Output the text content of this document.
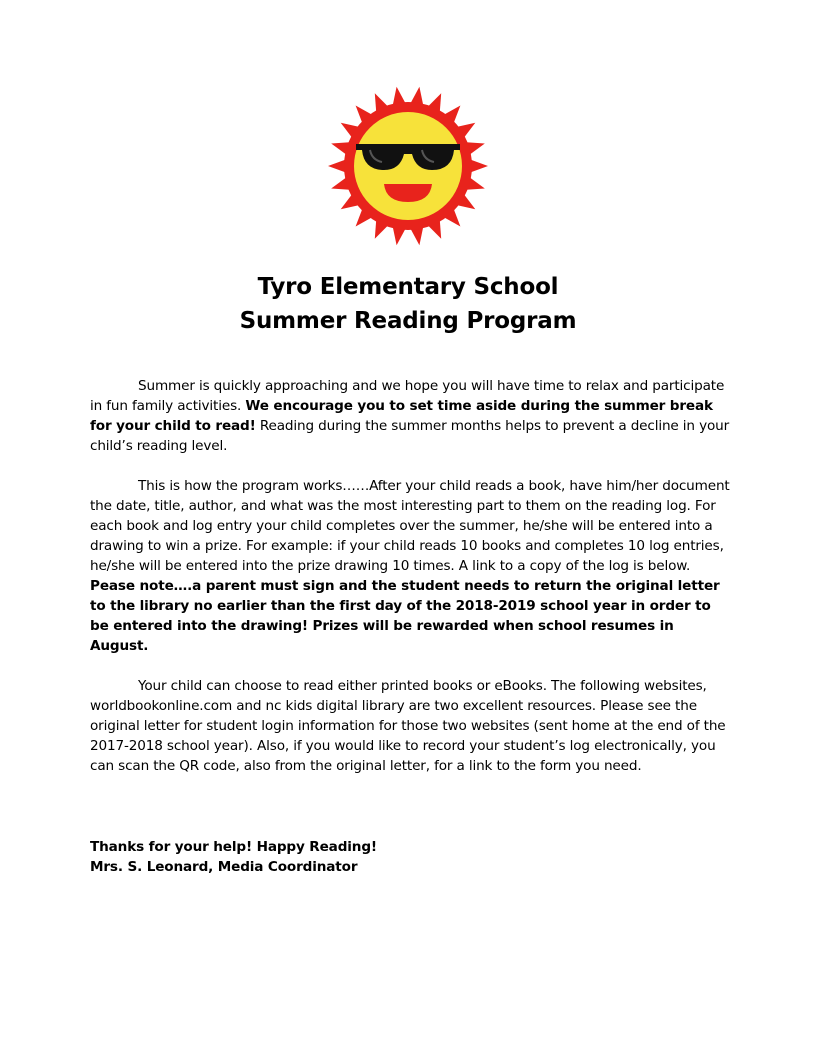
Tyro Elementary School
Summer Reading Program

Summer is quickly approaching and we hope you will have time to relax and participate in fun family activities. We encourage you to set time aside during the summer break for your child to read! Reading during the summer months helps to prevent a decline in your child’s reading level.

This is how the program works……After your child reads a book, have him/her document the date, title, author, and what was the most interesting part to them on the reading log. For each book and log entry your child completes over the summer, he/she will be entered into a drawing to win a prize. For example: if your child reads 10 books and completes 10 log entries, he/she will be entered into the prize drawing 10 times. A link to a copy of the log is below. Pease note….a parent must sign and the student needs to return the original letter to the library no earlier than the first day of the 2018-2019 school year in order to be entered into the drawing! Prizes will be rewarded when school resumes in August.

Your child can choose to read either printed books or eBooks. The following websites, worldbookonline.com and nc kids digital library are two excellent resources. Please see the original letter for student login information for those two websites (sent home at the end of the 2017-2018 school year). Also, if you would like to record your student’s log electronically, you can scan the QR code, also from the original letter, for a link to the form you need.

Thanks for your help! Happy Reading!
Mrs. S. Leonard, Media Coordinator
